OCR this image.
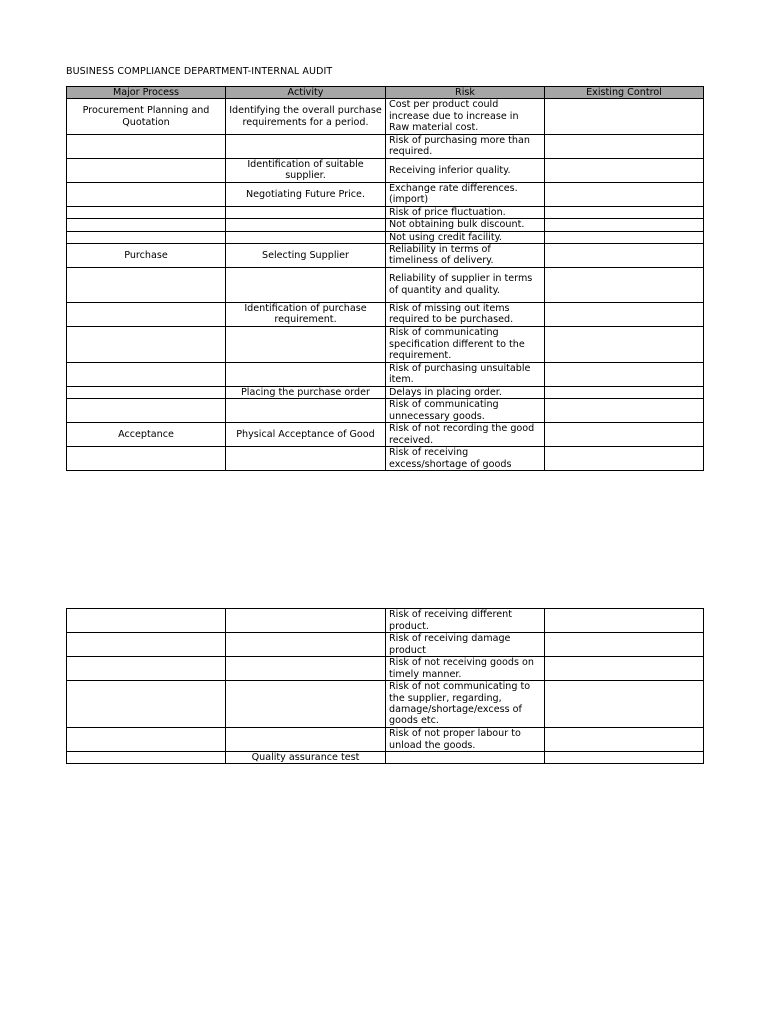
BUSINESS COMPLIANCE DEPARTMENT-INTERNAL AUDIT
Major Process	Activity	Risk	Existing Control
Procurement Planning and Quotation	Identifying the overall purchase requirements for a period.	Cost per product could increase due to increase in Raw material cost.	
		Risk of purchasing more than required.	
	Identification of suitable supplier.	Receiving inferior quality.	
	Negotiating Future Price.	Exchange rate differences.(import)	
		Risk of price fluctuation.	
		Not obtaining bulk discount.	
		Not using credit facility.	
Purchase	Selecting Supplier	Reliability in terms of timeliness of delivery.	
		Reliability of supplier in terms of quantity and quality.	
	Identification of purchase requirement.	Risk of missing out items required to be purchased.	
		Risk of communicating specification different to the requirement.	
		Risk of purchasing unsuitable item.	
	Placing the purchase order	Delays in placing order.	
		Risk of communicating unnecessary goods.	
Acceptance	Physical Acceptance of Good	Risk of not recording the good received.	
		Risk of receiving excess/shortage of goods	
		Risk of receiving different product.	
		Risk of receiving damage product	
		Risk of not receiving goods on timely manner.	
		Risk of not communicating to the supplier, regarding, damage/shortage/excess of goods etc.	
		Risk of not proper labour to unload the goods.	
	Quality assurance test		
